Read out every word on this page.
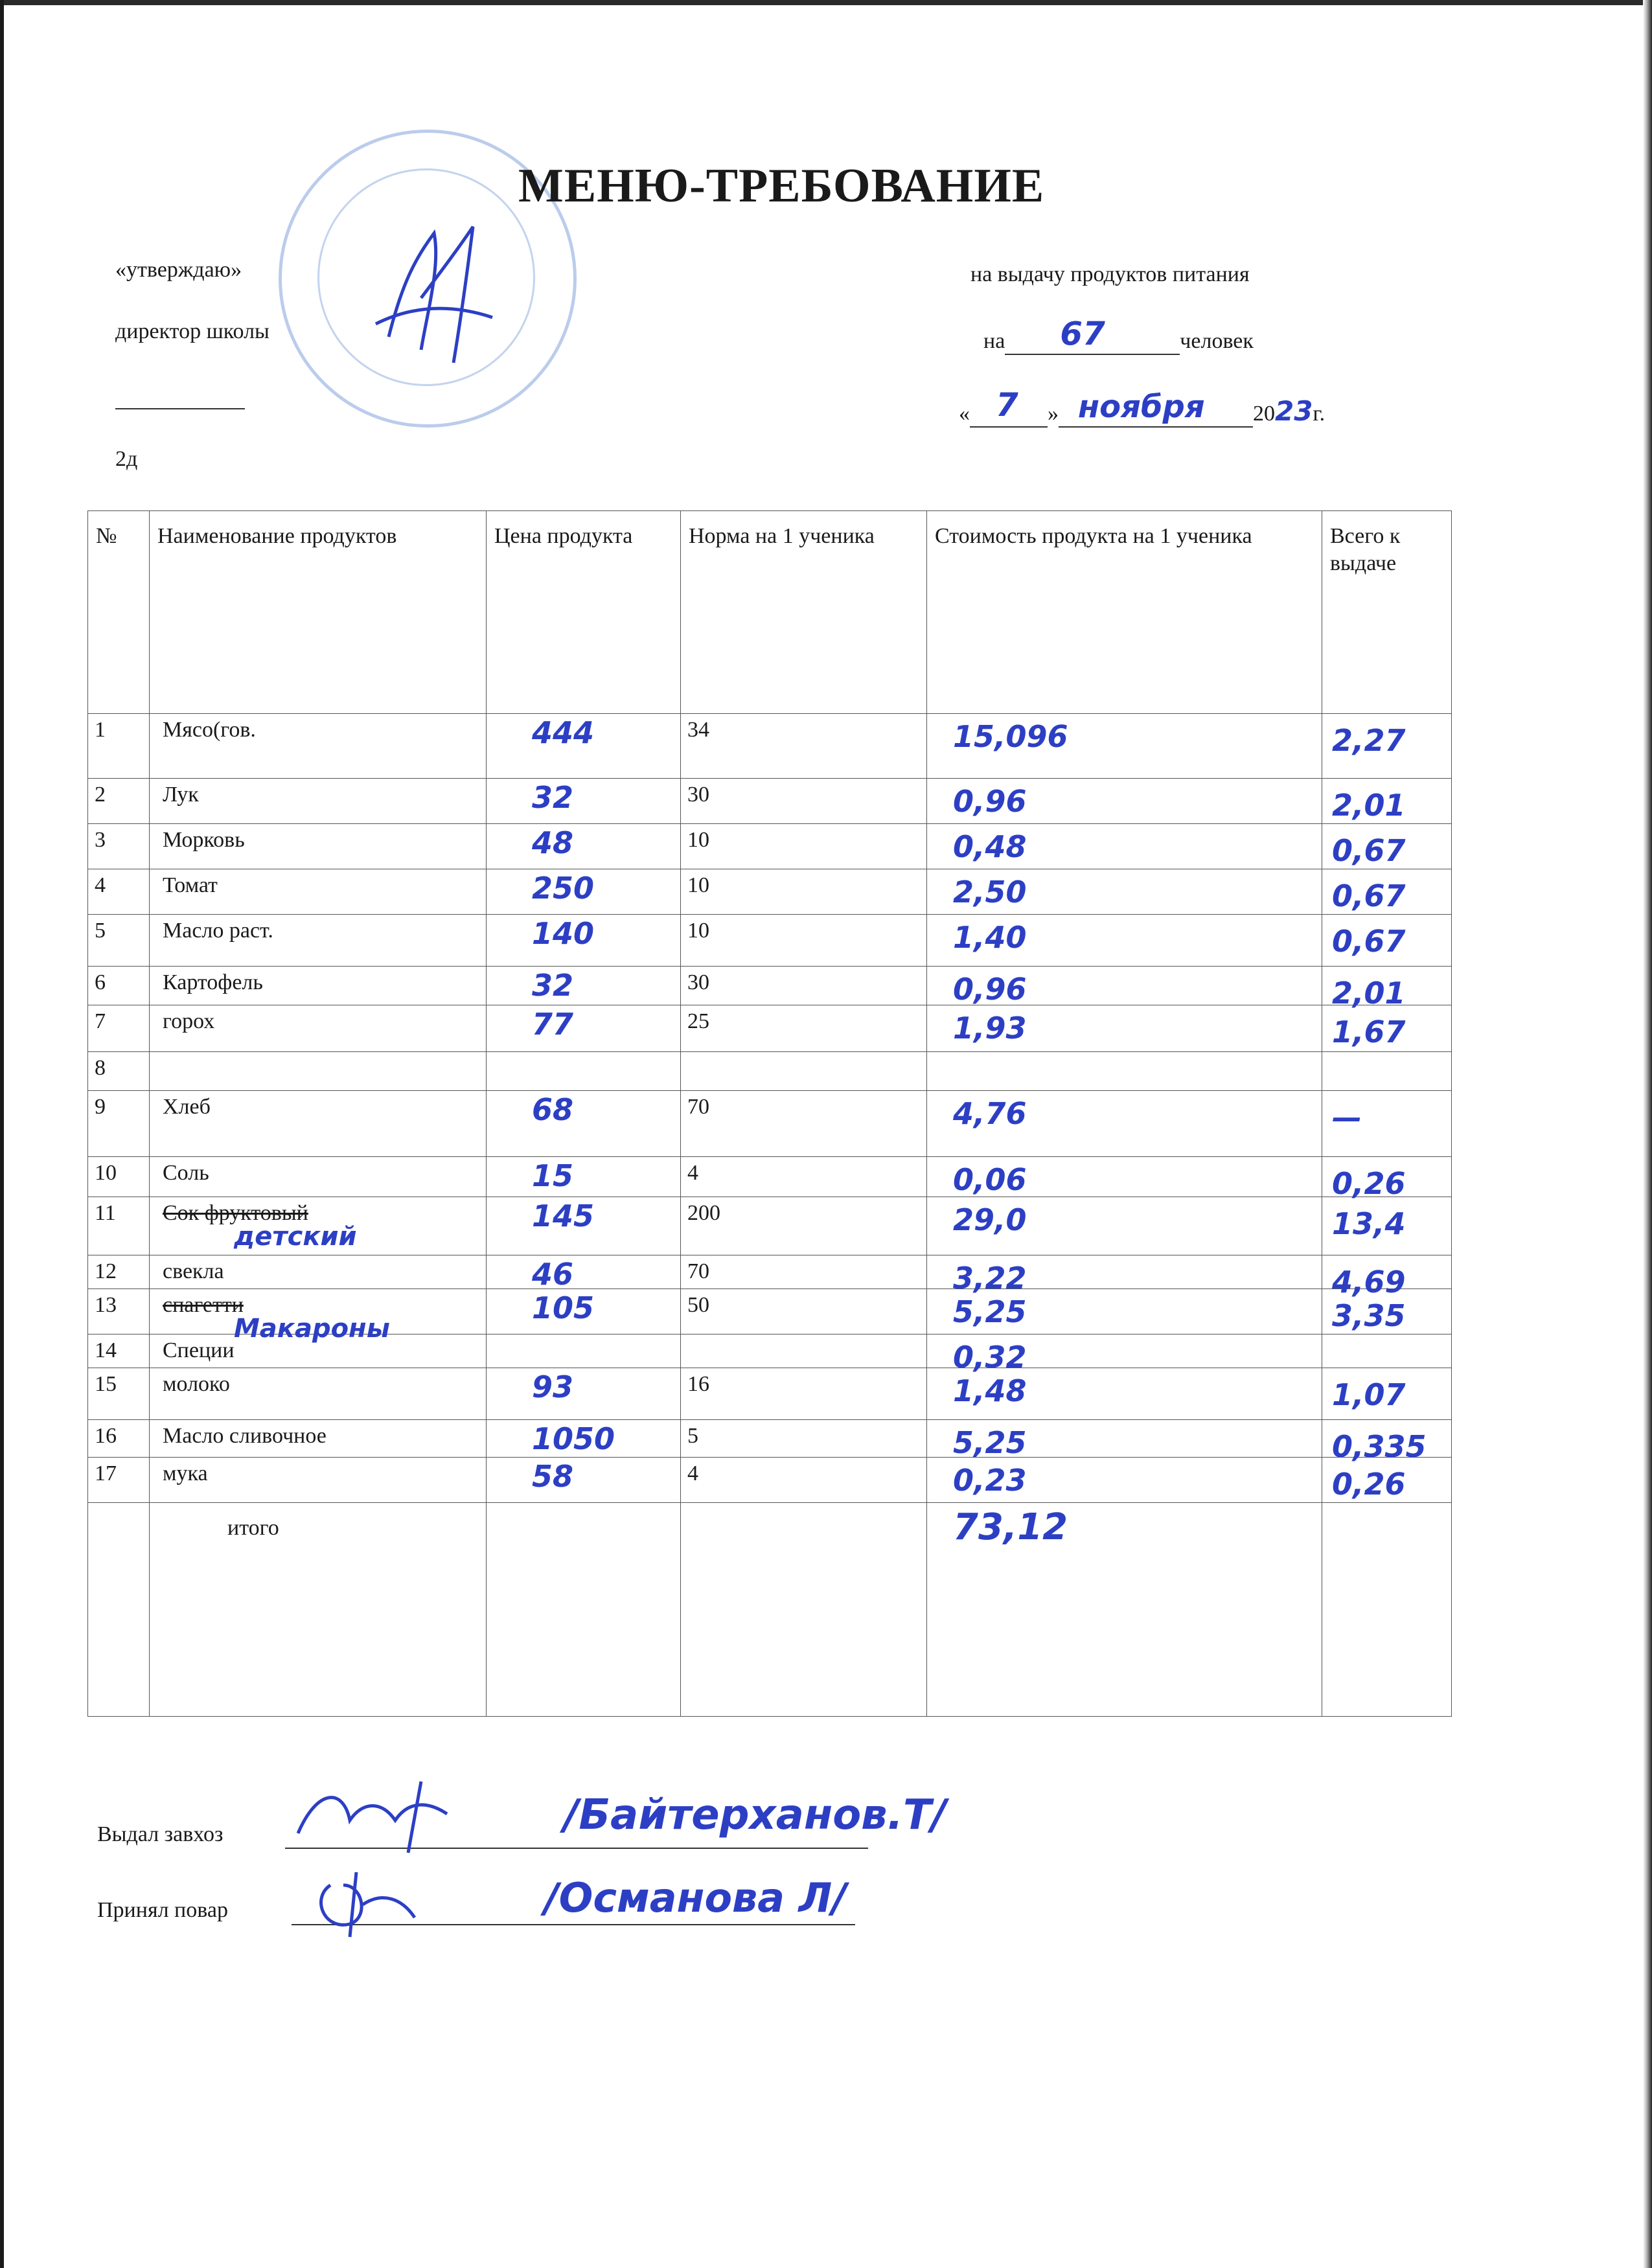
МЕНЮ-ТРЕБОВАНИЕ
«утверждаю»
директор школы
2д
на выдачу продуктов питания
на 67	человек
« 7 » ноября 2023г.
№	Наименование продуктов	Цена продукта	Норма на 1 ученика	Стоимость продукта на 1 ученика	Всего к выдаче

1	Мясо(гов.	444	34	15,096	2,27

2	Лук	32	30	0,96	2,01

3	Морковь	48	10	0,48	0,67

4	Томат	250	10	2,50	0,67

5	Масло раст.	140	10	1,40	0,67

6	Картофель	32	30	0,96	2,01

7	горох	77	25	1,93	1,67

8					

9	Хлеб	68	70	4,76	—

10	Соль	15	4	0,06	0,26

11	Сок фруктовый
детский	145	200	29,0	13,4

12	свекла	46	70	3,22	4,69

13	спагетти
Макароны	105	50	5,25	3,35

14	Специи			0,32	

15	молоко	93	16	1,48	1,07

16	Масло сливочное	1050	5	5,25	0,335

17	мука	58	4	0,23	0,26

	итого			73,12	

Выдал завхоз	/Байтерханов.Т/
Принял повар	/Османова Л/
